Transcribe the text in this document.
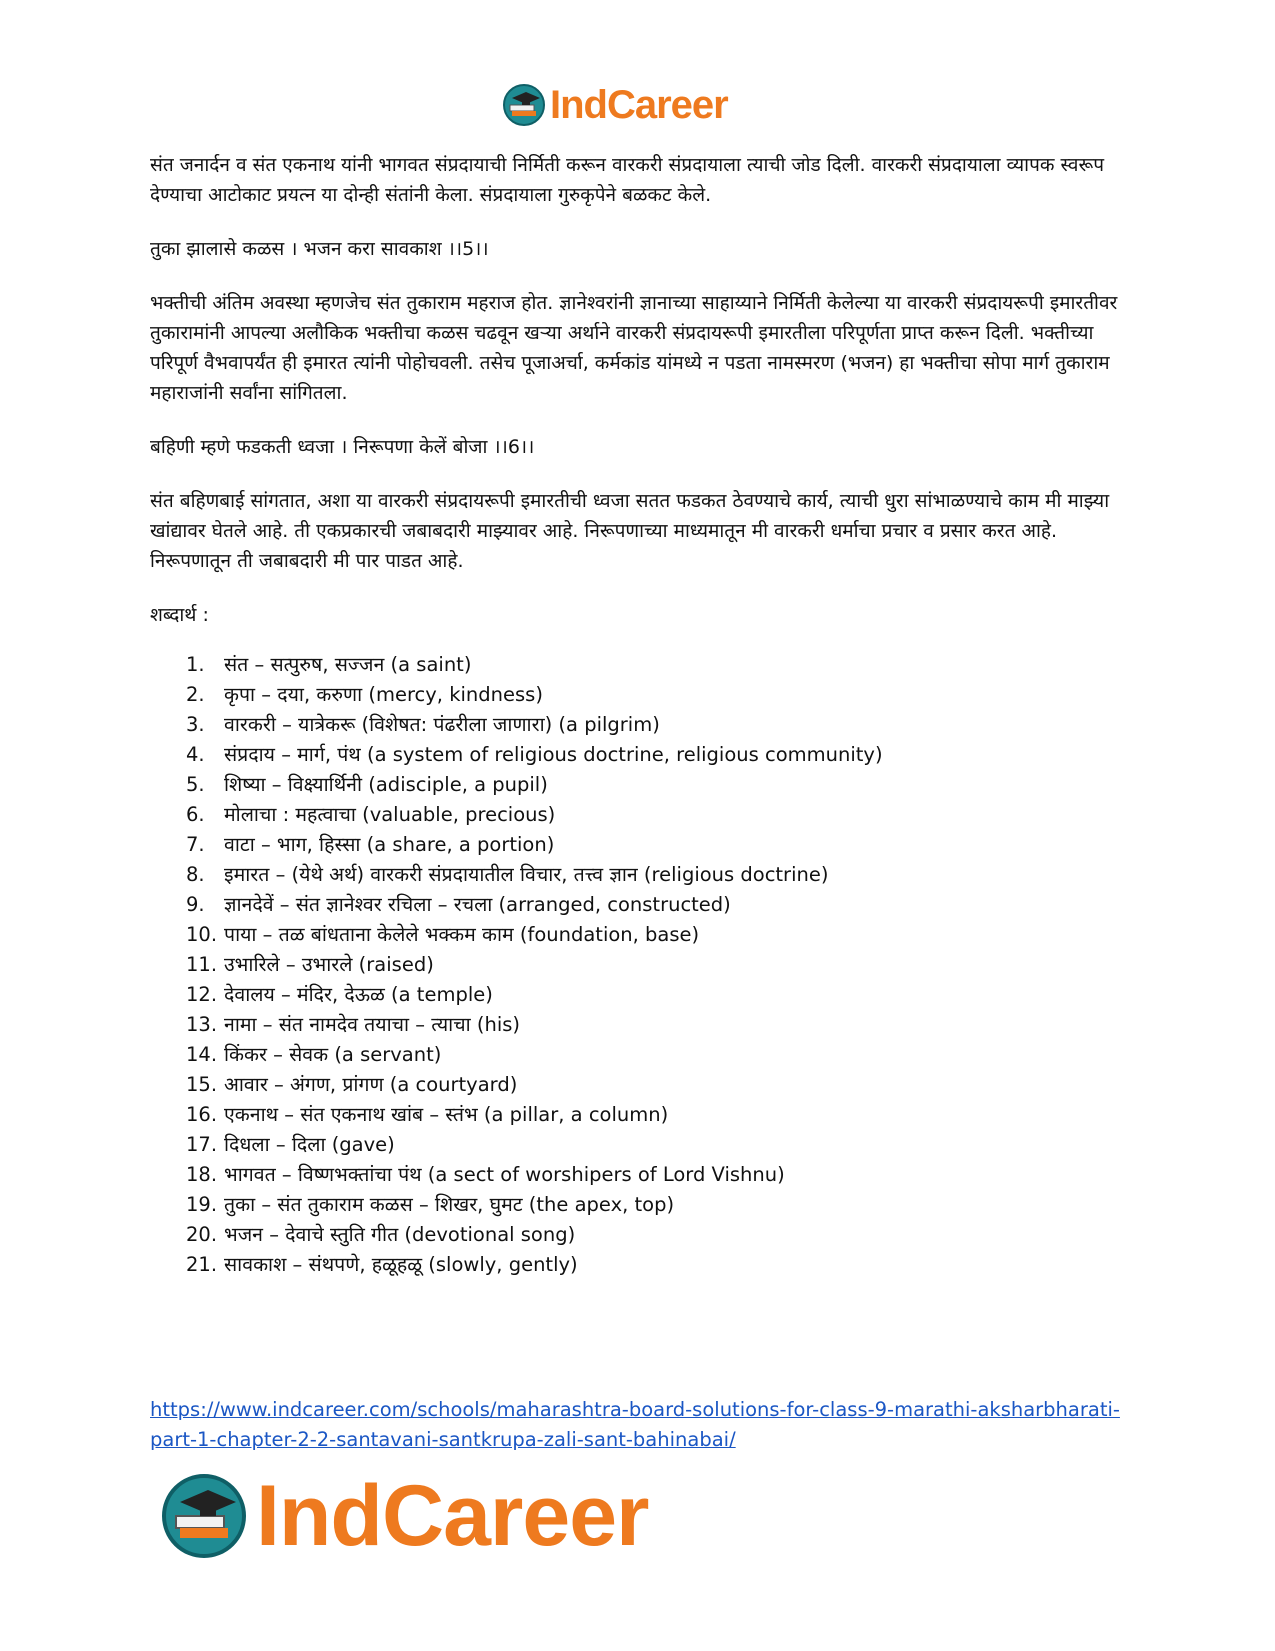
IndCareer

संत जनार्दन व संत एकनाथ यांनी भागवत संप्रदायाची निर्मिती करून वारकरी संप्रदायाला त्याची जोड दिली. वारकरी संप्रदायाला व्यापक स्वरूप देण्याचा आटोकाट प्रयत्न या दोन्ही संतांनी केला. संप्रदायाला गुरुकृपेने बळकट केले.

तुका झालासे कळस । भजन करा सावकाश ।।5।।

भक्तीची अंतिम अवस्था म्हणजेच संत तुकाराम महराज होत. ज्ञानेश्वरांनी ज्ञानाच्या साहाय्याने निर्मिती केलेल्या या वारकरी संप्रदायरूपी इमारतीवर तुकारामांनी आपल्या अलौकिक भक्तीचा कळस चढवून खऱ्या अर्थाने वारकरी संप्रदायरूपी इमारतीला परिपूर्णता प्राप्त करून दिली. भक्तीच्या परिपूर्ण वैभवापर्यंत ही इमारत त्यांनी पोहोचवली. तसेच पूजाअर्चा, कर्मकांड यांमध्ये न पडता नामस्मरण (भजन) हा भक्तीचा सोपा मार्ग तुकाराम महाराजांनी सर्वांना सांगितला.

बहिणी म्हणे फडकती ध्वजा । निरूपणा केलें बोजा ।।6।।

संत बहिणबाई सांगतात, अशा या वारकरी संप्रदायरूपी इमारतीची ध्वजा सतत फडकत ठेवण्याचे कार्य, त्याची धुरा सांभाळण्याचे काम मी माझ्या खांद्यावर घेतले आहे. ती एकप्रकारची जबाबदारी माझ्यावर आहे. निरूपणाच्या माध्यमातून मी वारकरी धर्माचा प्रचार व प्रसार करत आहे. निरूपणातून ती जबाबदारी मी पार पाडत आहे.

शब्दार्थ :

1. संत – सत्पुरुष, सज्जन (a saint)
2. कृपा – दया, करुणा (mercy, kindness)
3. वारकरी – यात्रेकरू (विशेषत: पंढरीला जाणारा) (a pilgrim)
4. संप्रदाय – मार्ग, पंथ (a system of religious doctrine, religious community)
5. शिष्या – विक्ष्यार्थिनी (adisciple, a pupil)
6. मोलाचा : महत्वाचा (valuable, precious)
7. वाटा – भाग, हिस्सा (a share, a portion)
8. इमारत – (येथे अर्थ) वारकरी संप्रदायातील विचार, तत्त्व ज्ञान (religious doctrine)
9. ज्ञानदेवें – संत ज्ञानेश्वर रचिला – रचला (arranged, constructed)
10. पाया – तळ बांधताना केलेले भक्कम काम (foundation, base)
11. उभारिले – उभारले (raised)
12. देवालय – मंदिर, देऊळ (a temple)
13. नामा – संत नामदेव तयाचा – त्याचा (his)
14. किंकर – सेवक (a servant)
15. आवार – अंगण, प्रांगण (a courtyard)
16. एकनाथ – संत एकनाथ खांब – स्तंभ (a pillar, a column)
17. दिधला – दिला (gave)
18. भागवत – विष्णभक्तांचा पंथ (a sect of worshipers of Lord Vishnu)
19. तुका – संत तुकाराम कळस – शिखर, घुमट (the apex, top)
20. भजन – देवाचे स्तुति गीत (devotional song)
21. सावकाश – संथपणे, हळूहळू (slowly, gently)
https://www.indcareer.com/schools/maharashtra-board-solutions-for-class-9-marathi-aksharbharati-part-1-chapter-2-2-santavani-santkrupa-zali-sant-bahinabai/
IndCareer
